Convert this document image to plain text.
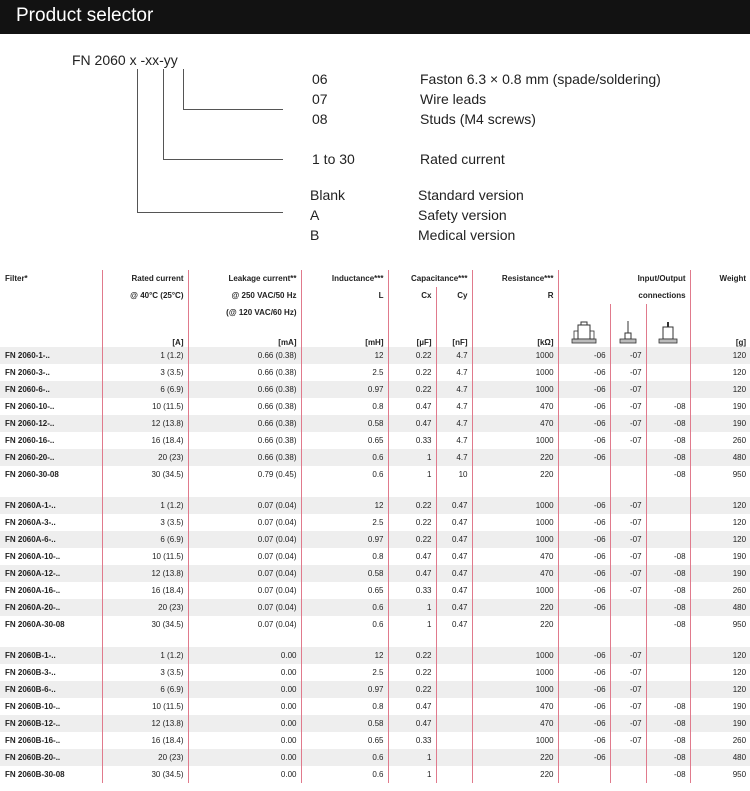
Product selector
FN 2060 x -xx-yy
06	Faston 6.3 × 0.8 mm (spade/soldering)
07	Wire leads
08	Studs (M4 screws)
1 to 30	Rated current
Blank	Standard version
A	Safety version
B	Medical version
Filter*	Rated current	Leakage current**	Inductance***	Capacitance***		Resistance***	Input/Output			Weight
	@ 40°C (25°C)	@ 250 VAC/50 Hz	L	Cx	Cy	R	connections			
		(@ 120 VAC/60 Hz)								
	[A]	[mA]	[mH]	[µF]	[nF]	[kΩ]				[g]
FN 2060-1-..	1 (1.2)	0.66 (0.38)	12	0.22	4.7	1000	-06	-07		120
FN 2060-3-..	3 (3.5)	0.66 (0.38)	2.5	0.22	4.7	1000	-06	-07		120
FN 2060-6-..	6 (6.9)	0.66 (0.38)	0.97	0.22	4.7	1000	-06	-07		120
FN 2060-10-..	10 (11.5)	0.66 (0.38)	0.8	0.47	4.7	470	-06	-07	-08	190
FN 2060-12-..	12 (13.8)	0.66 (0.38)	0.58	0.47	4.7	470	-06	-07	-08	190
FN 2060-16-..	16 (18.4)	0.66 (0.38)	0.65	0.33	4.7	1000	-06	-07	-08	260
FN 2060-20-..	20 (23)	0.66 (0.38)	0.6	1	4.7	220	-06		-08	480
FN 2060-30-08	30 (34.5)	0.79 (0.45)	0.6	1	10	220			-08	950

FN 2060A-1-..	1 (1.2)	0.07 (0.04)	12	0.22	0.47	1000	-06	-07		120
FN 2060A-3-..	3 (3.5)	0.07 (0.04)	2.5	0.22	0.47	1000	-06	-07		120
FN 2060A-6-..	6 (6.9)	0.07 (0.04)	0.97	0.22	0.47	1000	-06	-07		120
FN 2060A-10-..	10 (11.5)	0.07 (0.04)	0.8	0.47	0.47	470	-06	-07	-08	190
FN 2060A-12-..	12 (13.8)	0.07 (0.04)	0.58	0.47	0.47	470	-06	-07	-08	190
FN 2060A-16-..	16 (18.4)	0.07 (0.04)	0.65	0.33	0.47	1000	-06	-07	-08	260
FN 2060A-20-..	20 (23)	0.07 (0.04)	0.6	1	0.47	220	-06		-08	480
FN 2060A-30-08	30 (34.5)	0.07 (0.04)	0.6	1	0.47	220			-08	950

FN 2060B-1-..	1 (1.2)	0.00	12	0.22		1000	-06	-07		120
FN 2060B-3-..	3 (3.5)	0.00	2.5	0.22		1000	-06	-07		120
FN 2060B-6-..	6 (6.9)	0.00	0.97	0.22		1000	-06	-07		120
FN 2060B-10-..	10 (11.5)	0.00	0.8	0.47		470	-06	-07	-08	190
FN 2060B-12-..	12 (13.8)	0.00	0.58	0.47		470	-06	-07	-08	190
FN 2060B-16-..	16 (18.4)	0.00	0.65	0.33		1000	-06	-07	-08	260
FN 2060B-20-..	20 (23)	0.00	0.6	1		220	-06		-08	480
FN 2060B-30-08	30 (34.5)	0.00	0.6	1		220			-08	950
